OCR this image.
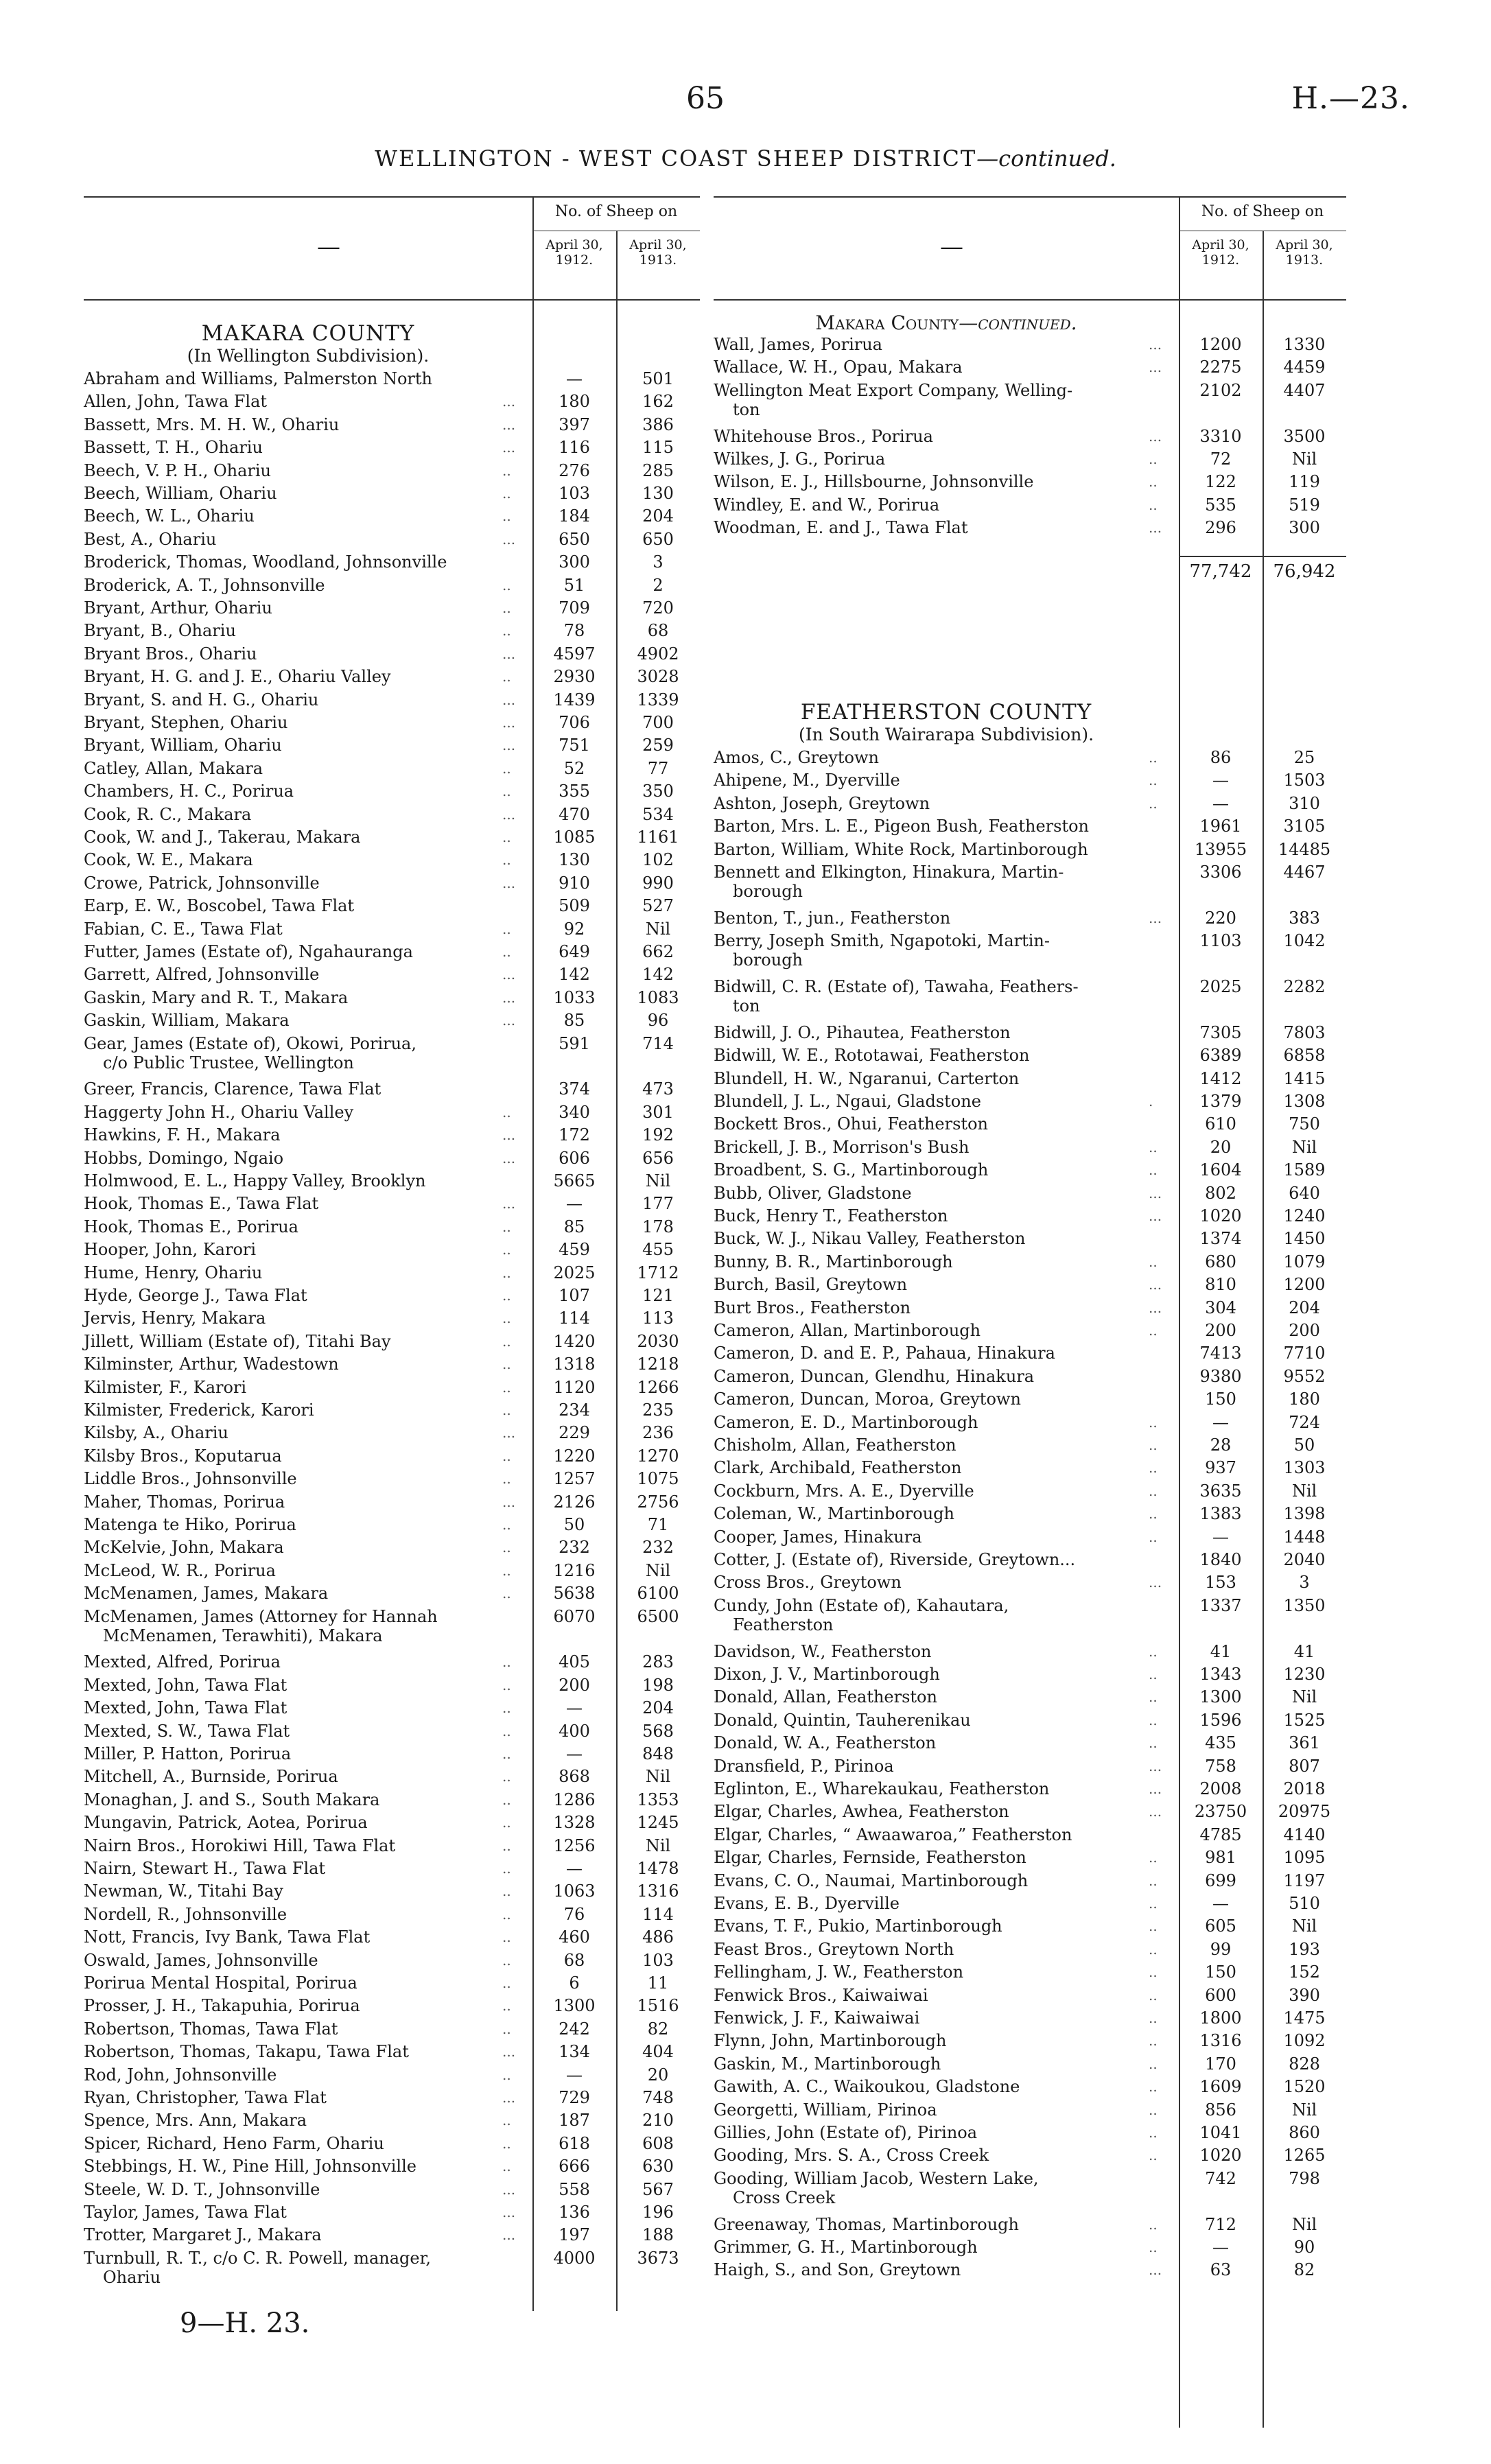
65	H.—23.
WELLINGTON - WEST COAST SHEEP DISTRICT—continued.
—
No. of Sheep on
April 30, 1912.
April 30, 1913.
MAKARA COUNTY
(In Wellington Subdivision).
Abraham and Williams, Palmerston North	—	501
Allen, John, Tawa Flat	...	180	162
Bassett, Mrs. M. H. W., Ohariu	...	397	386
Bassett, T. H., Ohariu	...	116	115
Beech, V. P. H., Ohariu	..	276	285
Beech, William, Ohariu	..	103	130
Beech, W. L., Ohariu	..	184	204
Best, A., Ohariu	...	650	650
Broderick, Thomas, Woodland, Johnsonville	300	3
Broderick, A. T., Johnsonville	..	51	2
Bryant, Arthur, Ohariu	..	709	720
Bryant, B., Ohariu	..	78	68
Bryant Bros., Ohariu	...	4597	4902
Bryant, H. G. and J. E., Ohariu Valley	..	2930	3028
Bryant, S. and H. G., Ohariu	...	1439	1339
Bryant, Stephen, Ohariu	...	706	700
Bryant, William, Ohariu	...	751	259
Catley, Allan, Makara	..	52	77
Chambers, H. C., Porirua	..	355	350
Cook, R. C., Makara	...	470	534
Cook, W. and J., Takerau, Makara	..	1085	1161
Cook, W. E., Makara	..	130	102
Crowe, Patrick, Johnsonville	...	910	990
Earp, E. W., Boscobel, Tawa Flat	509	527
Fabian, C. E., Tawa Flat	..	92	Nil
Futter, James (Estate of), Ngahauranga	..	649	662
Garrett, Alfred, Johnsonville	...	142	142
Gaskin, Mary and R. T., Makara	...	1033	1083
Gaskin, William, Makara	...	85	96
Gear, James (Estate of), Okowi, Porirua,
c/o Public Trustee, Wellington
591	714
Greer, Francis, Clarence, Tawa Flat	374	473
Haggerty John H., Ohariu Valley	..	340	301
Hawkins, F. H., Makara	...	172	192
Hobbs, Domingo, Ngaio	...	606	656
Holmwood, E. L., Happy Valley, Brooklyn	5665	Nil
Hook, Thomas E., Tawa Flat	...	—	177
Hook, Thomas E., Porirua	..	85	178
Hooper, John, Karori	..	459	455
Hume, Henry, Ohariu	..	2025	1712
Hyde, George J., Tawa Flat	..	107	121
Jervis, Henry, Makara	..	114	113
Jillett, William (Estate of), Titahi Bay	..	1420	2030
Kilminster, Arthur, Wadestown	..	1318	1218
Kilmister, F., Karori	..	1120	1266
Kilmister, Frederick, Karori	..	234	235
Kilsby, A., Ohariu	...	229	236
Kilsby Bros., Koputarua	..	1220	1270
Liddle Bros., Johnsonville	..	1257	1075
Maher, Thomas, Porirua	...	2126	2756
Matenga te Hiko, Porirua	..	50	71
McKelvie, John, Makara	..	232	232
McLeod, W. R., Porirua	..	1216	Nil
McMenamen, James, Makara	..	5638	6100
McMenamen, James (Attorney for Hannah
McMenamen, Terawhiti), Makara
6070	6500
Mexted, Alfred, Porirua	..	405	283
Mexted, John, Tawa Flat	..	200	198
Mexted, John, Tawa Flat	..	—	204
Mexted, S. W., Tawa Flat	..	400	568
Miller, P. Hatton, Porirua	..	—	848
Mitchell, A., Burnside, Porirua	..	868	Nil
Monaghan, J. and S., South Makara	..	1286	1353
Mungavin, Patrick, Aotea, Porirua	..	1328	1245
Nairn Bros., Horokiwi Hill, Tawa Flat	..	1256	Nil
Nairn, Stewart H., Tawa Flat	..	—	1478
Newman, W., Titahi Bay	..	1063	1316
Nordell, R., Johnsonville	..	76	114
Nott, Francis, Ivy Bank, Tawa Flat	..	460	486
Oswald, James, Johnsonville	..	68	103
Porirua Mental Hospital, Porirua	..	6	11
Prosser, J. H., Takapuhia, Porirua	..	1300	1516
Robertson, Thomas, Tawa Flat	..	242	82
Robertson, Thomas, Takapu, Tawa Flat	...	134	404
Rod, John, Johnsonville	..	—	20
Ryan, Christopher, Tawa Flat	...	729	748
Spence, Mrs. Ann, Makara	..	187	210
Spicer, Richard, Heno Farm, Ohariu	..	618	608
Stebbings, H. W., Pine Hill, Johnsonville	..	666	630
Steele, W. D. T., Johnsonville	...	558	567
Taylor, James, Tawa Flat	...	136	196
Trotter, Margaret J., Makara	...	197	188
Turnbull, R. T., c/o C. R. Powell, manager,
Ohariu
4000	3673
—
No. of Sheep on
April 30, 1912.
April 30, 1913.
Makara County—continued.
77,742	76,942
FEATHERSTON COUNTY
(In South Wairarapa Subdivision).
Wall, James, Porirua	...	1200	1330
Wallace, W. H., Opau, Makara	...	2275	4459
Wellington Meat Export Company, Welling-
ton
2102	4407
Whitehouse Bros., Porirua	...	3310	3500
Wilkes, J. G., Porirua	..	72	Nil
Wilson, E. J., Hillsbourne, Johnsonville	..	122	119
Windley, E. and W., Porirua	..	535	519
Woodman, E. and J., Tawa Flat	...	296	300
Amos, C., Greytown	..	86	25
Ahipene, M., Dyerville	..	—	1503
Ashton, Joseph, Greytown	..	—	310
Barton, Mrs. L. E., Pigeon Bush, Featherston	1961	3105
Barton, William, White Rock, Martinborough	13955	14485
Bennett and Elkington, Hinakura, Martin-
borough
3306	4467
Benton, T., jun., Featherston	...	220	383
Berry, Joseph Smith, Ngapotoki, Martin-
borough
1103	1042
Bidwill, C. R. (Estate of), Tawaha, Feathers-
ton
2025	2282
Bidwill, J. O., Pihautea, Featherston	7305	7803
Bidwill, W. E., Rototawai, Featherston	6389	6858
Blundell, H. W., Ngaranui, Carterton	1412	1415
Blundell, J. L., Ngaui, Gladstone	.	1379	1308
Bockett Bros., Ohui, Featherston	610	750
Brickell, J. B., Morrison's Bush	..	20	Nil
Broadbent, S. G., Martinborough	..	1604	1589
Bubb, Oliver, Gladstone	...	802	640
Buck, Henry T., Featherston	...	1020	1240
Buck, W. J., Nikau Valley, Featherston	1374	1450
Bunny, B. R., Martinborough	..	680	1079
Burch, Basil, Greytown	...	810	1200
Burt Bros., Featherston	...	304	204
Cameron, Allan, Martinborough	..	200	200
Cameron, D. and E. P., Pahaua, Hinakura	7413	7710
Cameron, Duncan, Glendhu, Hinakura	9380	9552
Cameron, Duncan, Moroa, Greytown	150	180
Cameron, E. D., Martinborough	..	—	724
Chisholm, Allan, Featherston	..	28	50
Clark, Archibald, Featherston	..	937	1303
Cockburn, Mrs. A. E., Dyerville	..	3635	Nil
Coleman, W., Martinborough	..	1383	1398
Cooper, James, Hinakura	..	—	1448
Cotter, J. (Estate of), Riverside, Greytown...	1840	2040
Cross Bros., Greytown	...	153	3
Cundy, John (Estate of), Kahautara,
Featherston
1337	1350
Davidson, W., Featherston	..	41	41
Dixon, J. V., Martinborough	..	1343	1230
Donald, Allan, Featherston	..	1300	Nil
Donald, Quintin, Tauherenikau	..	1596	1525
Donald, W. A., Featherston	..	435	361
Dransfield, P., Pirinoa	...	758	807
Eglinton, E., Wharekaukau, Featherston	...	2008	2018
Elgar, Charles, Awhea, Featherston	...	23750	20975
Elgar, Charles, “ Awaawaroa,” Featherston	4785	4140
Elgar, Charles, Fernside, Featherston	..	981	1095
Evans, C. O., Naumai, Martinborough	..	699	1197
Evans, E. B., Dyerville	..	—	510
Evans, T. F., Pukio, Martinborough	..	605	Nil
Feast Bros., Greytown North	..	99	193
Fellingham, J. W., Featherston	..	150	152
Fenwick Bros., Kaiwaiwai	..	600	390
Fenwick, J. F., Kaiwaiwai	..	1800	1475
Flynn, John, Martinborough	..	1316	1092
Gaskin, M., Martinborough	..	170	828
Gawith, A. C., Waikoukou, Gladstone	..	1609	1520
Georgetti, William, Pirinoa	..	856	Nil
Gillies, John (Estate of), Pirinoa	..	1041	860
Gooding, Mrs. S. A., Cross Creek	..	1020	1265
Gooding, William Jacob, Western Lake,
Cross Creek
742	798
Greenaway, Thomas, Martinborough	..	712	Nil
Grimmer, G. H., Martinborough	..	—	90
Haigh, S., and Son, Greytown	...	63	82
9—H. 23.
